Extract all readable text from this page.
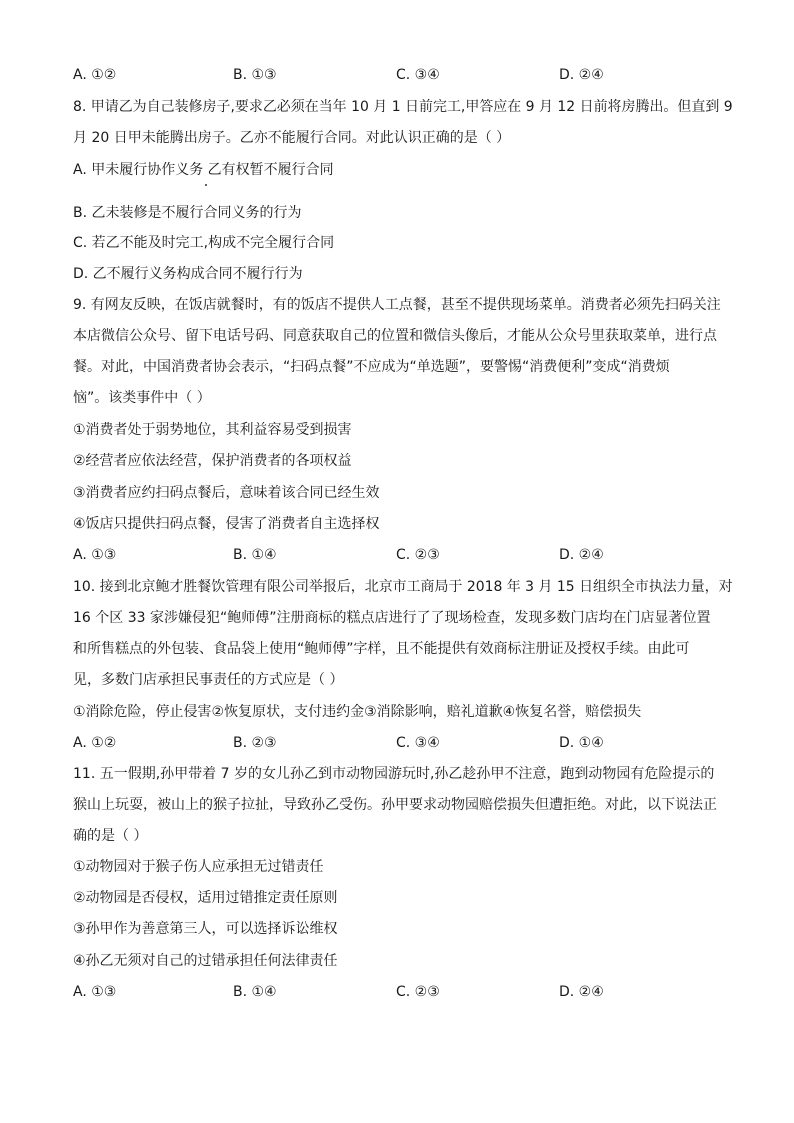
A. ①②	B. ①③	C. ③④	D. ②④
8. 甲请乙为自己装修房子,要求乙必须在当年 10 月 1 日前完工,甲答应在 9 月 12 日前将房腾出。但直到 9
月 20 日甲未能腾出房子。乙亦不能履行合同。对此认识正确的是（ ）
A. 甲未履行协作义务 乙有权暂不履行合同
B. 乙未装修是不履行合同义务的行为
C. 若乙不能及时完工,构成不完全履行合同
D. 乙不履行义务构成合同不履行行为
9. 有网友反映，在饭店就餐时，有的饭店不提供人工点餐，甚至不提供现场菜单。消费者必须先扫码关注
本店微信公众号、留下电话号码、同意获取自己的位置和微信头像后，才能从公众号里获取菜单，进行点
餐。对此，中国消费者协会表示，“扫码点餐”不应成为“单选题”，要警惕“消费便利”变成“消费烦
恼”。该类事件中（ ）
①消费者处于弱势地位，其利益容易受到损害
②经营者应依法经营，保护消费者的各项权益
③消费者应约扫码点餐后，意味着该合同已经生效
④饭店只提供扫码点餐，侵害了消费者自主选择权
A. ①③	B. ①④	C. ②③	D. ②④
10. 接到北京鲍才胜餐饮管理有限公司举报后，北京市工商局于 2018 年 3 月 15 日组织全市执法力量，对
16 个区 33 家涉嫌侵犯“鲍师傅”注册商标的糕点店进行了了现场检查，发现多数门店均在门店显著位置
和所售糕点的外包装、食品袋上使用“鲍师傅”字样，且不能提供有效商标注册证及授权手续。由此可
见，多数门店承担民事责任的方式应是（ ）
①消除危险，停止侵害②恢复原状，支付违约金③消除影响，赔礼道歉④恢复名誉，赔偿损失
A. ①②	B. ②③	C. ③④	D. ①④
11. 五一假期,孙甲带着 7 岁的女儿孙乙到市动物园游玩时,孙乙趁孙甲不注意，跑到动物园有危险提示的
猴山上玩耍，被山上的猴子拉扯，导致孙乙受伤。孙甲要求动物园赔偿损失但遭拒绝。对此，以下说法正
确的是（ ）
①动物园对于猴子伤人应承担无过错责任
②动物园是否侵权，适用过错推定责任原则
③孙甲作为善意第三人，可以选择诉讼维权
④孙乙无须对自己的过错承担任何法律责任
A. ①③	B. ①④	C. ②③	D. ②④
